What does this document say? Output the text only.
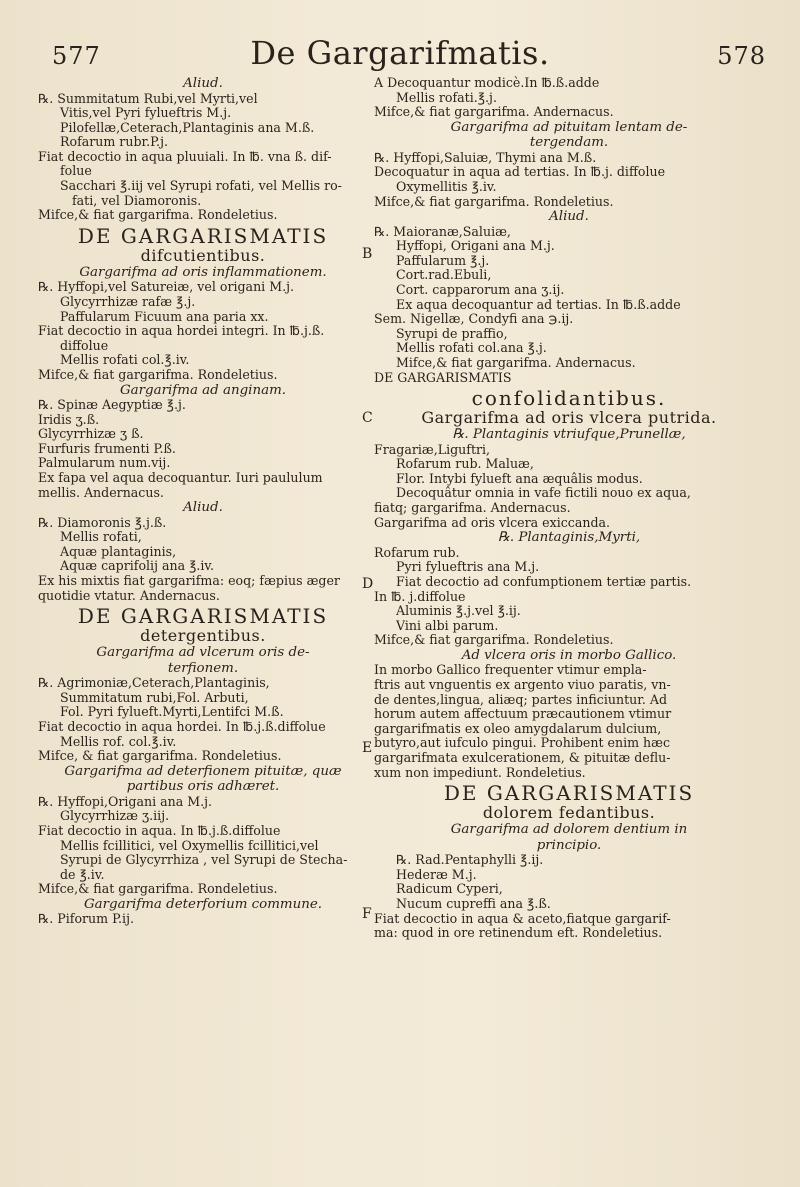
577	De Gargarifmatis.	578
Aliud.
℞. Summitatum Rubi,vel Myrti,vel
Vitis,vel Pyri fylueftris M.j.
Pilofellæ,Ceterach,Plantaginis ana M.ß.
Rofarum rubr.P.j.
Fiat decoctio in aqua pluuiali. In ℔. vna ß. dif-
folue
Sacchari ℥.iij vel Syrupi rofati, vel Mellis ro-
fati, vel Diamoronis.
Mifce,& fiat gargarifma. Rondeletius.
DE GARGARISMATIS
difcutientibus.
Gargarifma ad oris inflammationem.
℞. Hyffopi,vel Satureiæ, vel origani M.j.
Glycyrrhizæ rafæ ℥.j.
Paffularum Ficuum ana paria xx.
Fiat decoctio in aqua hordei integri. In ℔.j.ß.
diffolue
Mellis rofati col.℥.iv.
Mifce,& fiat gargarifma. Rondeletius.
Gargarifma ad anginam.
℞. Spinæ Aegyptiæ ℥.j.
Iridis ʒ.ß.
Glycyrrhizæ ʒ ß.
Furfuris frumenti P.ß.
Palmularum num.vij.
Ex fapa vel aqua decoquantur. Iuri paululum
mellis. Andernacus.
Aliud.
℞. Diamoronis ℥.j.ß.
Mellis rofati,
Aquæ plantaginis,
Aquæ caprifolij ana ℥.iv.
Ex his mixtis fiat gargarifma: eoq; fæpius æger
quotidie vtatur. Andernacus.
DE GARGARISMATIS
detergentibus.
Gargarifma ad vlcerum oris de-
terfionem.
℞. Agrimoniæ,Ceterach,Plantaginis,
Summitatum rubi,Fol. Arbuti,
Fol. Pyri fylueft.Myrti,Lentifci M.ß.
Fiat decoctio in aqua hordei. In ℔.j.ß.diffolue
Mellis rof. col.℥.iv.
Mifce, & fiat gargarifma. Rondeletius.
Gargarifma ad deterfionem pituitæ, quæ
partibus oris adhæret.
℞. Hyffopi,Origani ana M.j.
Glycyrrhizæ ʒ.iij.
Fiat decoctio in aqua. In ℔.j.ß.diffolue
Mellis fcillitici, vel Oxymellis fcillitici,vel
Syrupi de Glycyrrhiza , vel Syrupi de Stecha-
de ℥.iv.
Mifce,& fiat gargarifma. Rondeletius.
Gargarifma deterforium commune.
℞. Piforum P.ij.
A Decoquantur modicè.In ℔.ß.adde
Mellis rofati.℥.j.
Mifce,& fiat gargarifma. Andernacus.
Gargarifma ad pituitam lentam de-
tergendam.
℞. Hyffopi,Saluiæ, Thymi ana M.ß.
Decoquatur in aqua ad tertias. In ℔.j. diffolue
Oxymellitis ℥.iv.
Mifce,& fiat gargarifma. Rondeletius.
Aliud.
℞. Maioranæ,Saluiæ,
Hyffopi, Origani ana M.j.
Paffularum ℥.j.
Cort.rad.Ebuli,
Cort. capparorum ana ʒ.ij.
Ex aqua decoquantur ad tertias. In ℔.ß.adde
Sem. Nigellæ, Condyfi ana ℈.ij.
Syrupi de praffio,
Mellis rofati col.ana ℥.j.
Mifce,& fiat gargarifma. Andernacus.
DE GARGARISMATIS
confolidantibus.
Gargarifma ad oris vlcera putrida.
℞. Plantaginis vtriufque,Prunellæ,
Fragariæ,Liguftri,
Rofarum rub. Maluæ,
Flor. Intybi fylueft ana æquâlis modus.
Decoquâtur omnia in vafe fictili nouo ex aqua,
fiatq; gargarifma. Andernacus.
Gargarifma ad oris vlcera exiccanda.
℞. Plantaginis,Myrti,
Rofarum rub.
Pyri fylueftris ana M.j.
Fiat decoctio ad confumptionem tertiæ partis.
In ℔. j.diffolue
Aluminis ℥.j.vel ℥.ij.
Vini albi parum.
Mifce,& fiat gargarifma. Rondeletius.
Ad vlcera oris in morbo Gallico.
In morbo Gallico frequenter vtimur empla-
ftris aut vnguentis ex argento viuo paratis, vn-
de dentes,lingua, aliæq; partes inficiuntur. Ad
horum autem affectuum præcautionem vtimur
gargarifmatis ex oleo amygdalarum dulcium,
butyro,aut iufculo pingui. Prohibent enim hæc
gargarifmata exulcerationem, & pituitæ deflu-
xum non impediunt. Rondeletius.
DE GARGARISMATIS
dolorem fedantibus.
Gargarifma ad dolorem dentium in
principio.
℞. Rad.Pentaphylli ℥.ij.
Hederæ M.j.
Radicum Cyperi,
Nucum cupreffi ana ℥.ß.
Fiat decoctio in aqua & aceto,fiatque gargarif-
ma: quod in ore retinendum eft. Rondeletius.
B
C
D
E
F
